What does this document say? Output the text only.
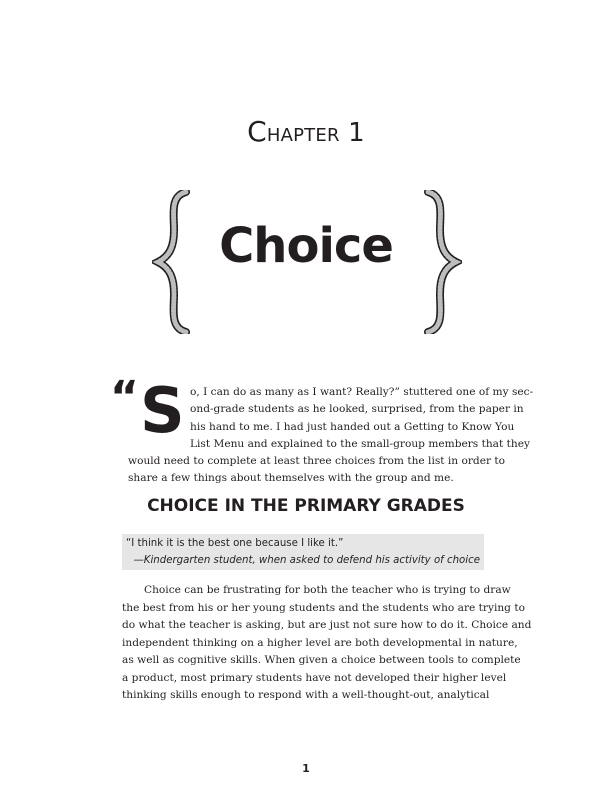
Chapter 1
Choice
“ S o, I can do as many as I want? Really?” stuttered one of my sec-
ond-grade students as he looked, surprised, from the paper in
his hand to me. I had just handed out a Getting to Know You
List Menu and explained to the small-group members that they
would need to complete at least three choices from the list in order to
share a few things about themselves with the group and me.
CHOICE IN THE PRIMARY GRADES
“I think it is the best one because I like it.”
—Kindergarten student, when asked to defend his activity of choice
Choice can be frustrating for both the teacher who is trying to draw
the best from his or her young students and the students who are trying to
do what the teacher is asking, but are just not sure how to do it. Choice and
independent thinking on a higher level are both developmental in nature,
as well as cognitive skills. When given a choice between tools to complete
a product, most primary students have not developed their higher level
thinking skills enough to respond with a well-thought-out, analytical
1
